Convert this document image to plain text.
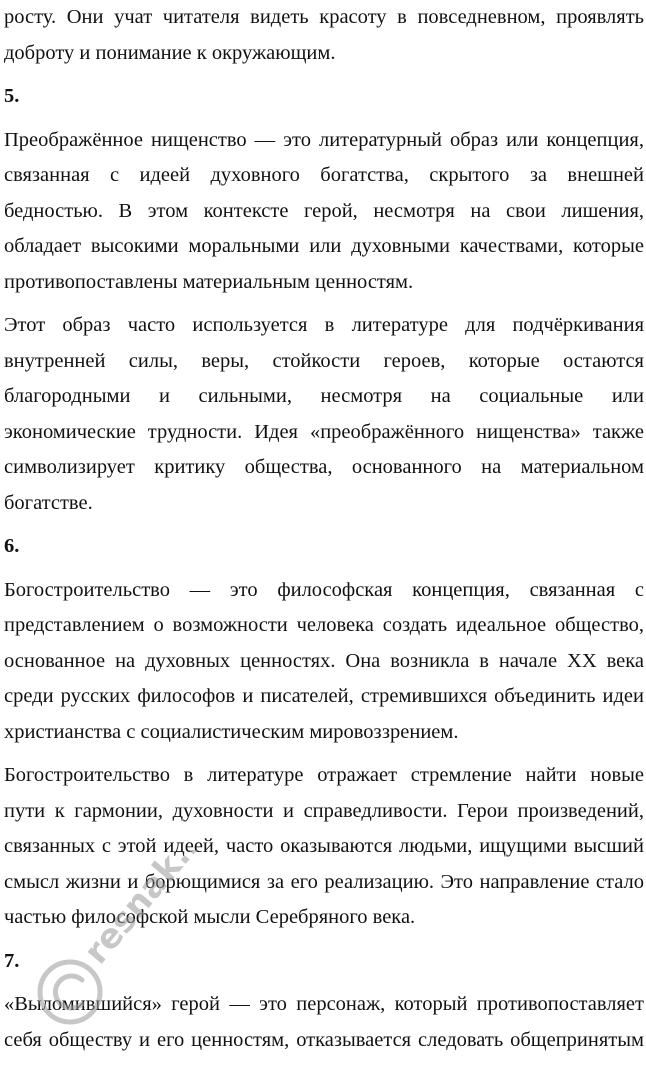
росту. Они учат читателя видеть красоту в повседневном, проявлять
доброту и понимание к окружающим.
5.
Преображённое нищенство — это литературный образ или концепция,
связанная с идеей духовного богатства, скрытого за внешней
бедностью. В этом контексте герой, несмотря на свои лишения,
обладает высокими моральными или духовными качествами, которые
противопоставлены материальным ценностям.
Этот образ часто используется в литературе для подчёркивания
внутренней силы, веры, стойкости героев, которые остаются
благородными и сильными, несмотря на социальные или
экономические трудности. Идея «преображённого нищенства» также
символизирует критику общества, основанного на материальном
богатстве.
6.
Богостроительство — это философская концепция, связанная с
представлением о возможности человека создать идеальное общество,
основанное на духовных ценностях. Она возникла в начале XX века
среди русских философов и писателей, стремившихся объединить идеи
христианства с социалистическим мировоззрением.
Богостроительство в литературе отражает стремление найти новые
пути к гармонии, духовности и справедливости. Герои произведений,
связанных с этой идеей, часто оказываются людьми, ищущими высший
смысл жизни и борющимися за его реализацию. Это направление стало
частью философской мысли Серебряного века.
7.
«Выломившийся» герой — это персонаж, который противопоставляет
себя обществу и его ценностям, отказывается следовать общепринятым
resnak.ru
